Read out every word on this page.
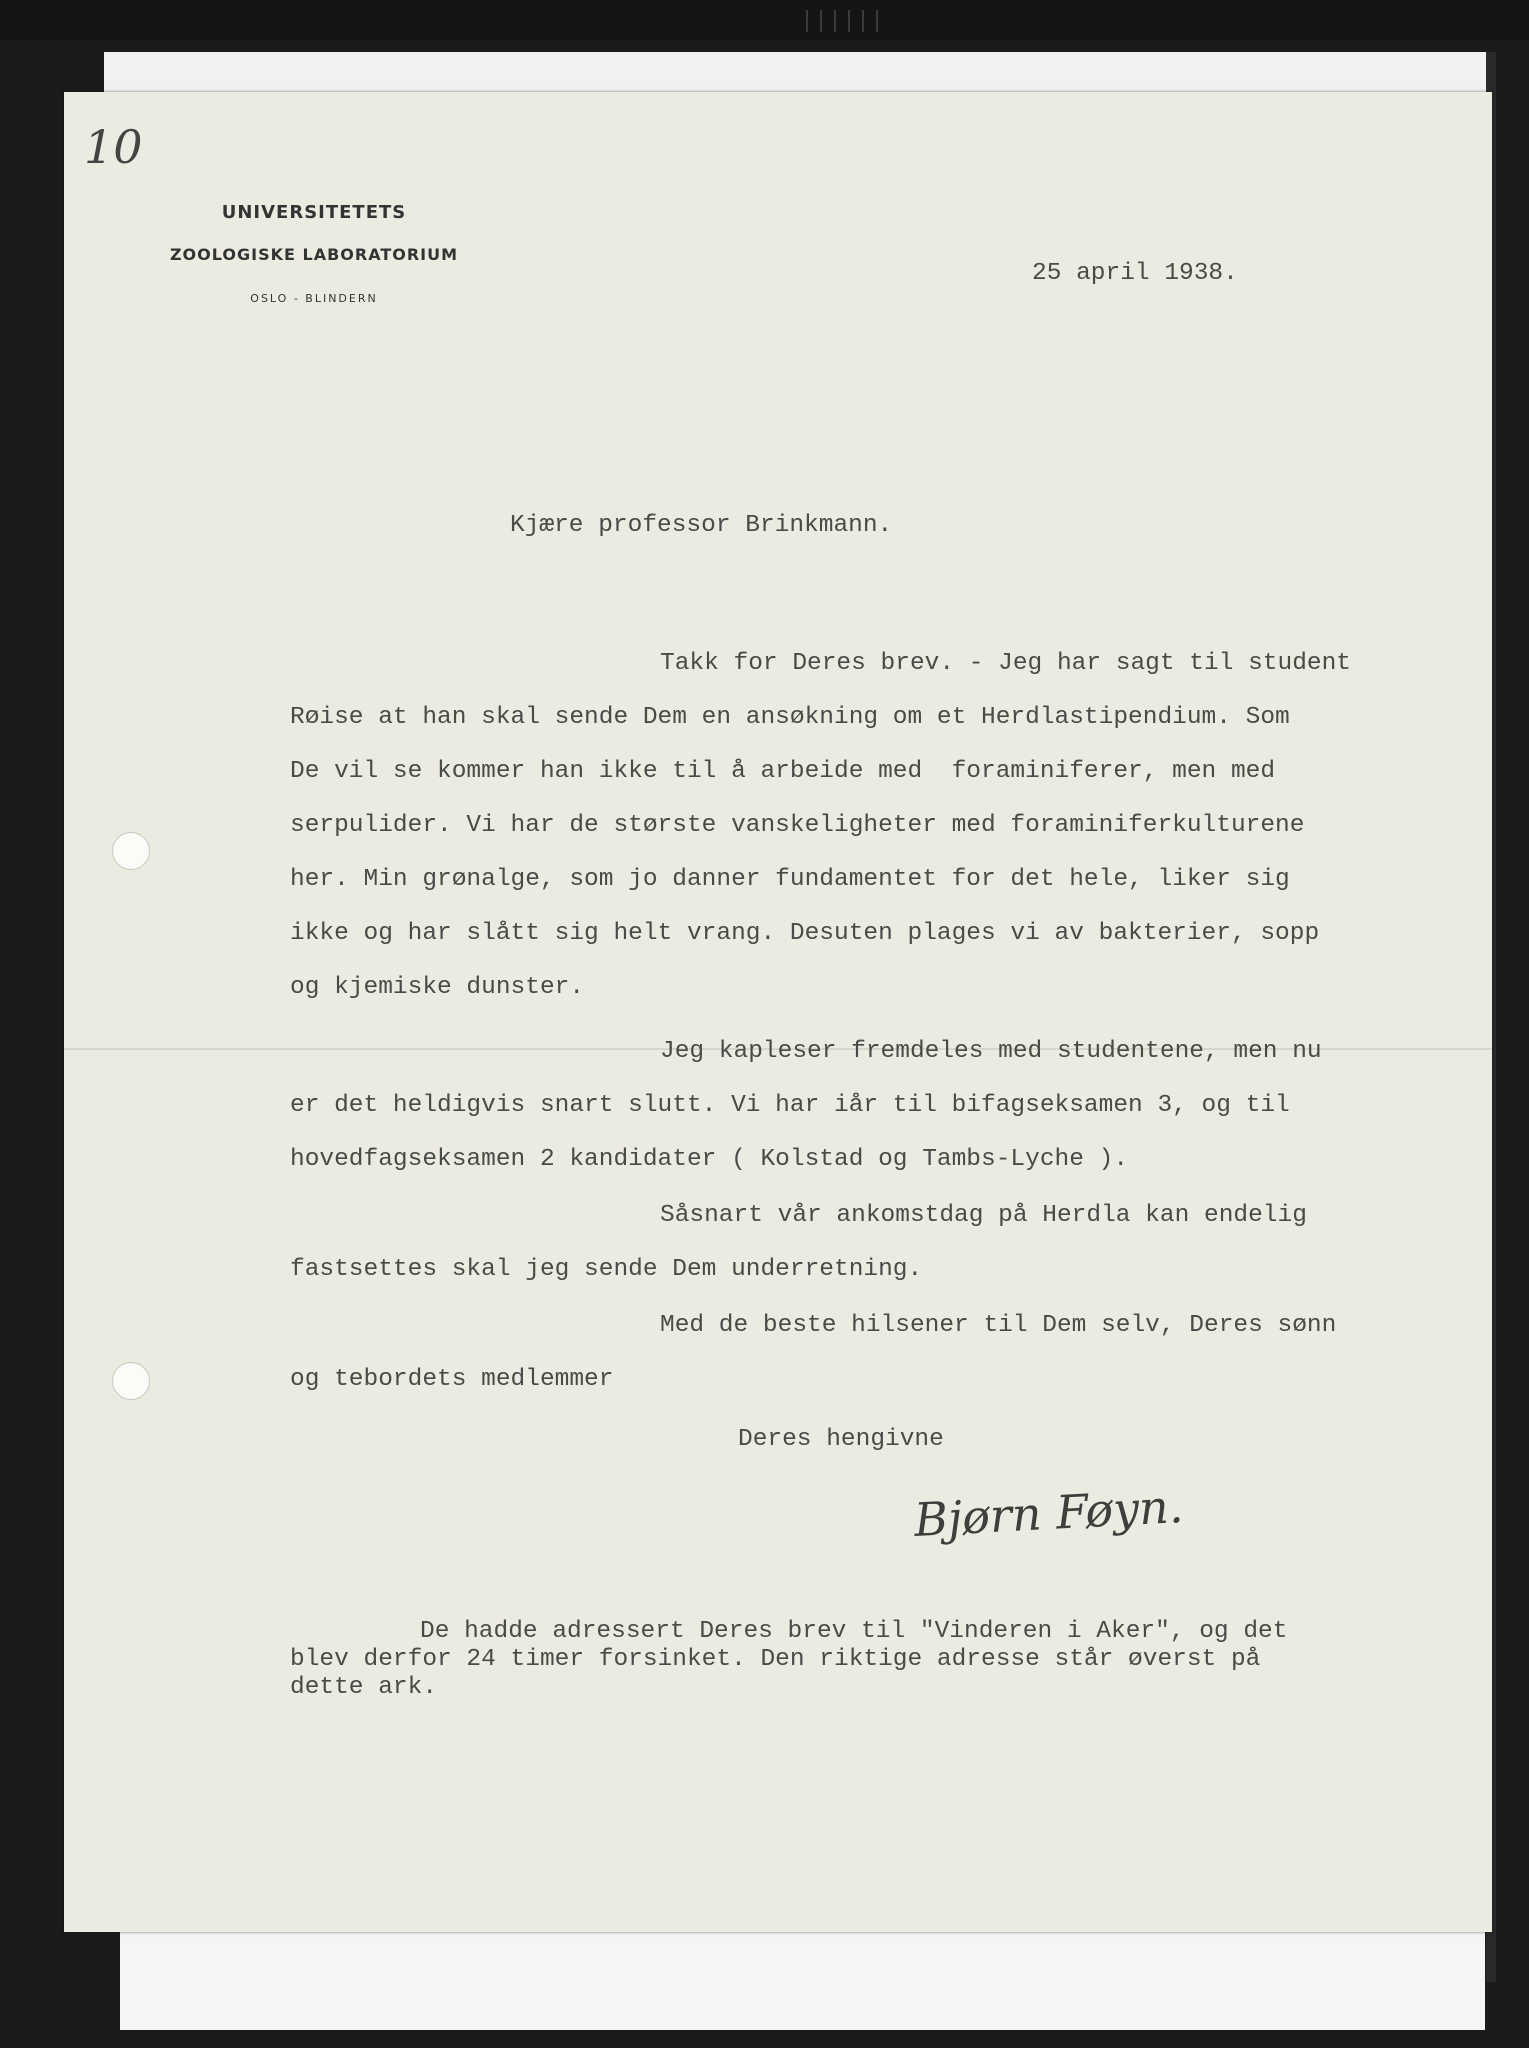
10
UNIVERSITETETS
ZOOLOGISKE LABORATORIUM
OSLO - BLINDERN
25 april 1938.
Kjære professor Brinkmann.
Takk for Deres brev. - Jeg har sagt til student
Røise at han skal sende Dem en ansøkning om et Herdlastipendium. Som
De vil se kommer han ikke til å arbeide med  foraminiferer, men med
serpulider. Vi har de største vanskeligheter med foraminiferkulturene
her. Min grønalge, som jo danner fundamentet for det hele, liker sig
ikke og har slått sig helt vrang. Desuten plages vi av bakterier, sopp
og kjemiske dunster.
Jeg kapleser fremdeles med studentene, men nu
er det heldigvis snart slutt. Vi har iår til bifagseksamen 3, og til
hovedfagseksamen 2 kandidater ( Kolstad og Tambs-Lyche ).
Såsnart vår ankomstdag på Herdla kan endelig
fastsettes skal jeg sende Dem underretning.
Med de beste hilsener til Dem selv, Deres sønn
og tebordets medlemmer
Deres hengivne
Bjørn Føyn.
De hadde adressert Deres brev til "Vinderen i Aker", og det
blev derfor 24 timer forsinket. Den riktige adresse står øverst på
dette ark.
